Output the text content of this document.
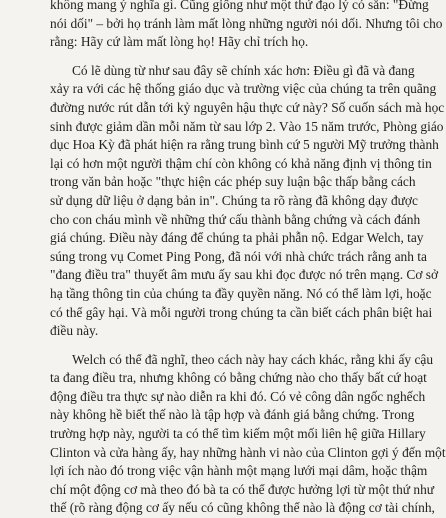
không mang ý nghĩa gì. Cũng giống như một thứ đạo lý có sẵn: "Đừng
nói dối" – bởi họ tránh làm mất lòng những người nói dối. Nhưng tôi cho
rằng: Hãy cứ làm mất lòng họ! Hãy chỉ trích họ.
Có lẽ dùng từ như sau đây sẽ chính xác hơn: Điều gì đã và đang
xảy ra với các hệ thống giáo dục và trường việc của chúng ta trên quãng
đường nước rút dẫn tới kỷ nguyên hậu thực cứ này? Số cuốn sách mà học
sinh được giảm dần mỗi năm từ sau lớp 2. Vào 15 năm trước, Phòng giáo
dục Hoa Kỳ đã phát hiện ra rằng trung bình cứ 5 người Mỹ trưởng thành
lại có hơn một người thậm chí còn không có khả năng định vị thông tin
trong văn bản hoặc "thực hiện các phép suy luận bậc thấp bằng cách
sử dụng dữ liệu ở dạng bản in". Chúng ta rõ ràng đã không dạy được
cho con cháu mình về những thứ cấu thành bằng chứng và cách đánh
giá chúng. Điều này đáng để chúng ta phải phẫn nộ. Edgar Welch, tay
súng trong vụ Comet Ping Pong, đã nói với nhà chức trách rằng anh ta
"đang điều tra" thuyết âm mưu ấy sau khi đọc được nó trên mạng. Cơ sở
hạ tầng thông tin của chúng ta đầy quyền năng. Nó có thể làm lợi, hoặc
có thể gây hại. Và mỗi người trong chúng ta cần biết cách phân biệt hai
điều này.
Welch có thể đã nghĩ, theo cách này hay cách khác, rằng khi ấy cậu
ta đang điều tra, nhưng không có bằng chứng nào cho thấy bất cứ hoạt
động điều tra thực sự nào diễn ra khi đó. Có vẻ công dân ngốc nghếch
này không hề biết thế nào là tập hợp và đánh giá bằng chứng. Trong
trường hợp này, người ta có thể tìm kiếm một mối liên hệ giữa Hillary
Clinton và cửa hàng ấy, hay những hành vi nào của Clinton gợi ý đến một
lợi ích nào đó trong việc vận hành một mạng lưới mại dâm, hoặc thậm
chí một động cơ mà theo đó bà ta có thể được hưởng lợi từ một thứ như
thế (rõ ràng động cơ ấy nếu có cũng không thể nào là động cơ tài chính,
